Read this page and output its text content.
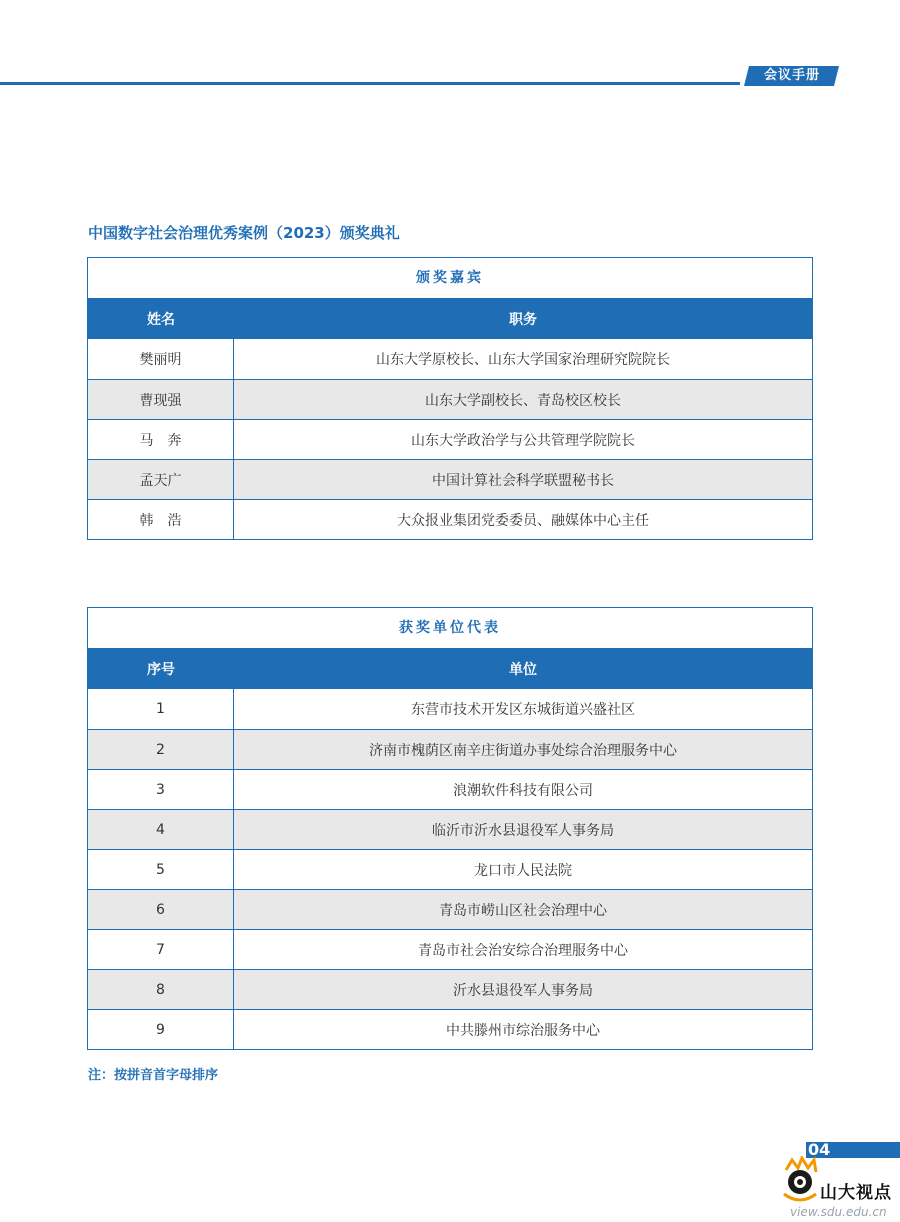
会议手册
中国数字社会治理优秀案例（2023）颁奖典礼
颁奖嘉宾
姓名	职务
樊丽明	山东大学原校长、山东大学国家治理研究院院长
曹现强	山东大学副校长、青岛校区校长
马　奔	山东大学政治学与公共管理学院院长
孟天广	中国计算社会科学联盟秘书长
韩　浩	大众报业集团党委委员、融媒体中心主任
获奖单位代表
序号	单位
1	东营市技术开发区东城街道兴盛社区
2	济南市槐荫区南辛庄街道办事处综合治理服务中心
3	浪潮软件科技有限公司
4	临沂市沂水县退役军人事务局
5	龙口市人民法院
6	青岛市崂山区社会治理中心
7	青岛市社会治安综合治理服务中心
8	沂水县退役军人事务局
9	中共滕州市综治服务中心
注：按拼音首字母排序
04
山大视点
view.sdu.edu.cn
